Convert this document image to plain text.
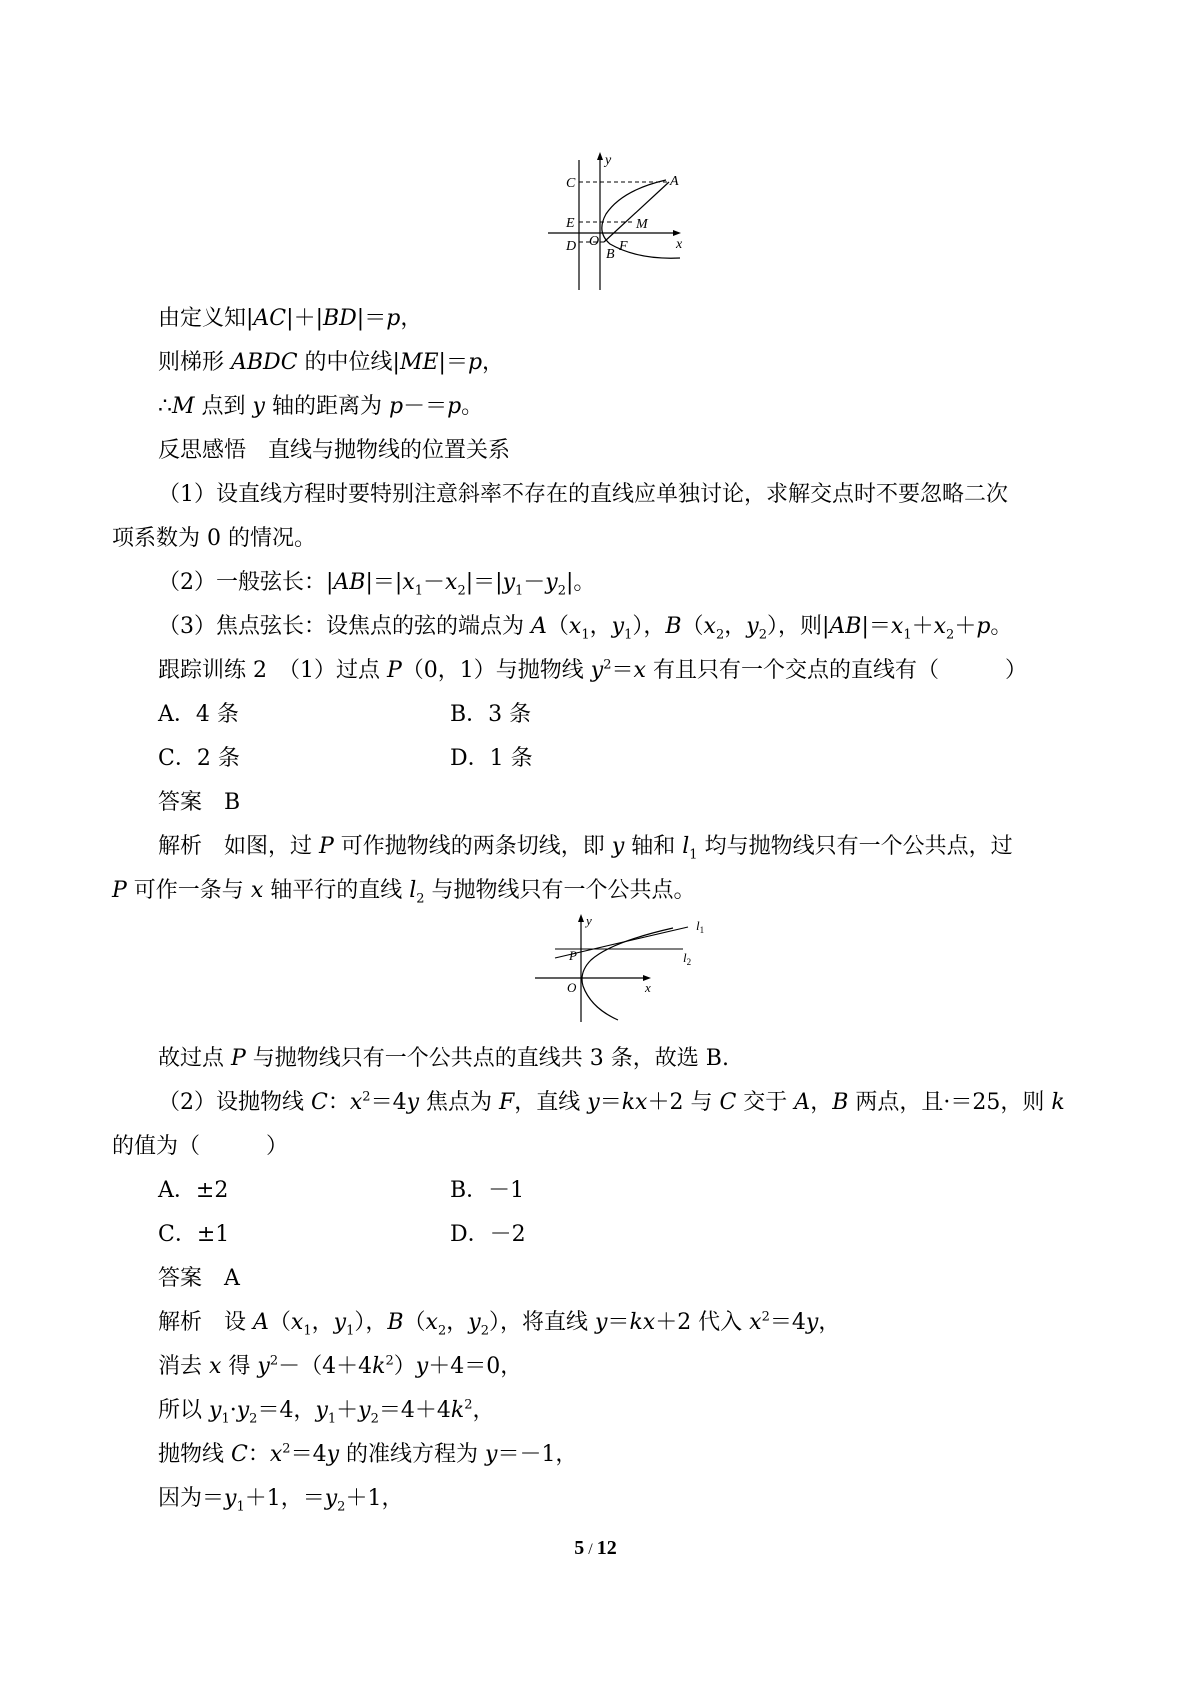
C	A
E	M
D O F
B
x
y
由定义知|AC|＋|BD|＝p，
则梯形 ABDC 的中位线|ME|＝p，
∴M 点到 y 轴的距离为 p－＝p。
反思感悟　直线与抛物线的位置关系
（1）设直线方程时要特别注意斜率不存在的直线应单独讨论，求解交点时不要忽略二次
项系数为 0 的情况。
（2）一般弦长：$|AB|=|x_1-x_2|=|y_1-y_2|$。
（3）焦点弦长：设焦点的弦的端点为 $A(x_1$，$y_1$），$B(x_2$，$y_2$），则$|AB|=x_1+x_2+p$。
跟踪训练 2　（1）过点 P（0，1）与抛物线 $y^2=x$ 有且只有一个交点的直线有（　　　）
A．4 条	B．3 条
C．2 条	D．1 条
答案　B
解析　如图，过 P 可作抛物线的两条切线，即 y 轴和 $l_1$ 均与抛物线只有一个公共点，过
P 可作一条与 x 轴平行的直线 $l_2$ 与抛物线只有一个公共点。
y	$l_1$
P	$l_2$
O	x
故过点 P 与抛物线只有一个公共点的直线共 3 条，故选 B.
（2）设抛物线 C：$x^2=4y$ 焦点为 F，直线 y＝kx＋2 与 C 交于 A，B 两点，且·＝25，则 k
的值为（　　　）
A．±2	B．－1
C．±1	D．－2
答案　A
解析　设 $A(x_1$，$y_1$），$B(x_2$，$y_2$），将直线 y＝kx＋2 代入 $x^2=4y$，
消去 x 得 $y^2-(4+4k^2)y+4=0$，
所以 $y_1\cdot y_2=4$，$y_1+y_2=4+4k^2$，
抛物线 C：$x^2=4y$ 的准线方程为 y＝－1，
因为$=y_1+1$，$=y_2+1$，
5 / 12
